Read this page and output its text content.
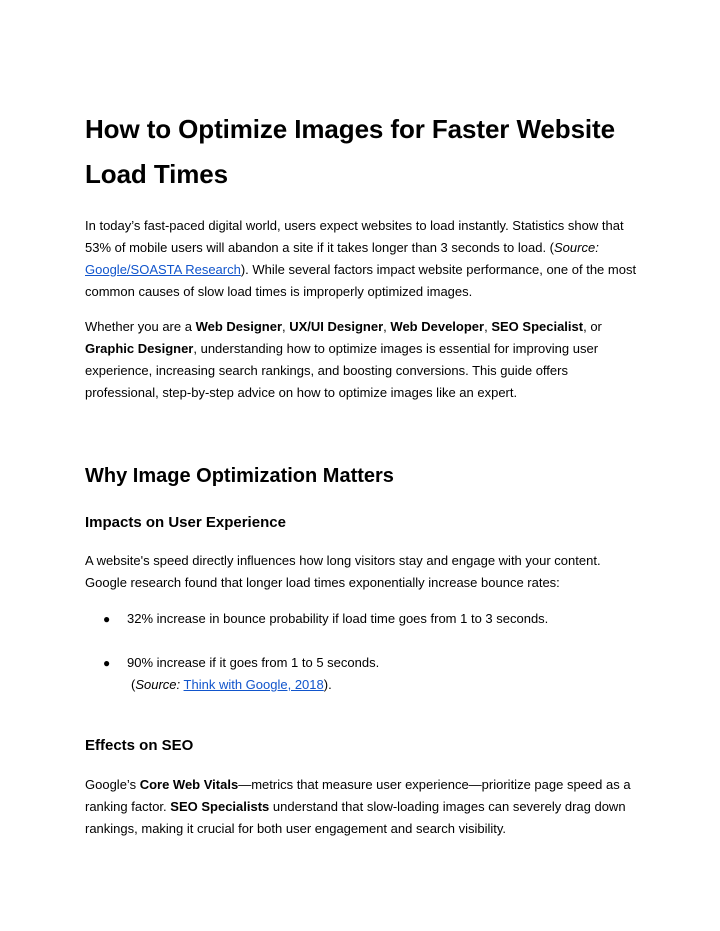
How to Optimize Images for Faster Website Load Times

In today’s fast-paced digital world, users expect websites to load instantly. Statistics show that 53% of mobile users will abandon a site if it takes longer than 3 seconds to load. (Source: Google/SOASTA Research). While several factors impact website performance, one of the most common causes of slow load times is improperly optimized images.

Whether you are a Web Designer, UX/UI Designer, Web Developer, SEO Specialist, or Graphic Designer, understanding how to optimize images is essential for improving user experience, increasing search rankings, and boosting conversions. This guide offers professional, step-by-step advice on how to optimize images like an expert.

Why Image Optimization Matters
Impacts on User Experience

A website's speed directly influences how long visitors stay and engage with your content. Google research found that longer load times exponentially increase bounce rates:

● 32% increase in bounce probability if load time goes from 1 to 3 seconds.
● 90% increase if it goes from 1 to 5 seconds.
(Source: Think with Google, 2018).
Effects on SEO

Google’s Core Web Vitals—metrics that measure user experience—prioritize page speed as a ranking factor. SEO Specialists understand that slow-loading images can severely drag down rankings, making it crucial for both user engagement and search visibility.
